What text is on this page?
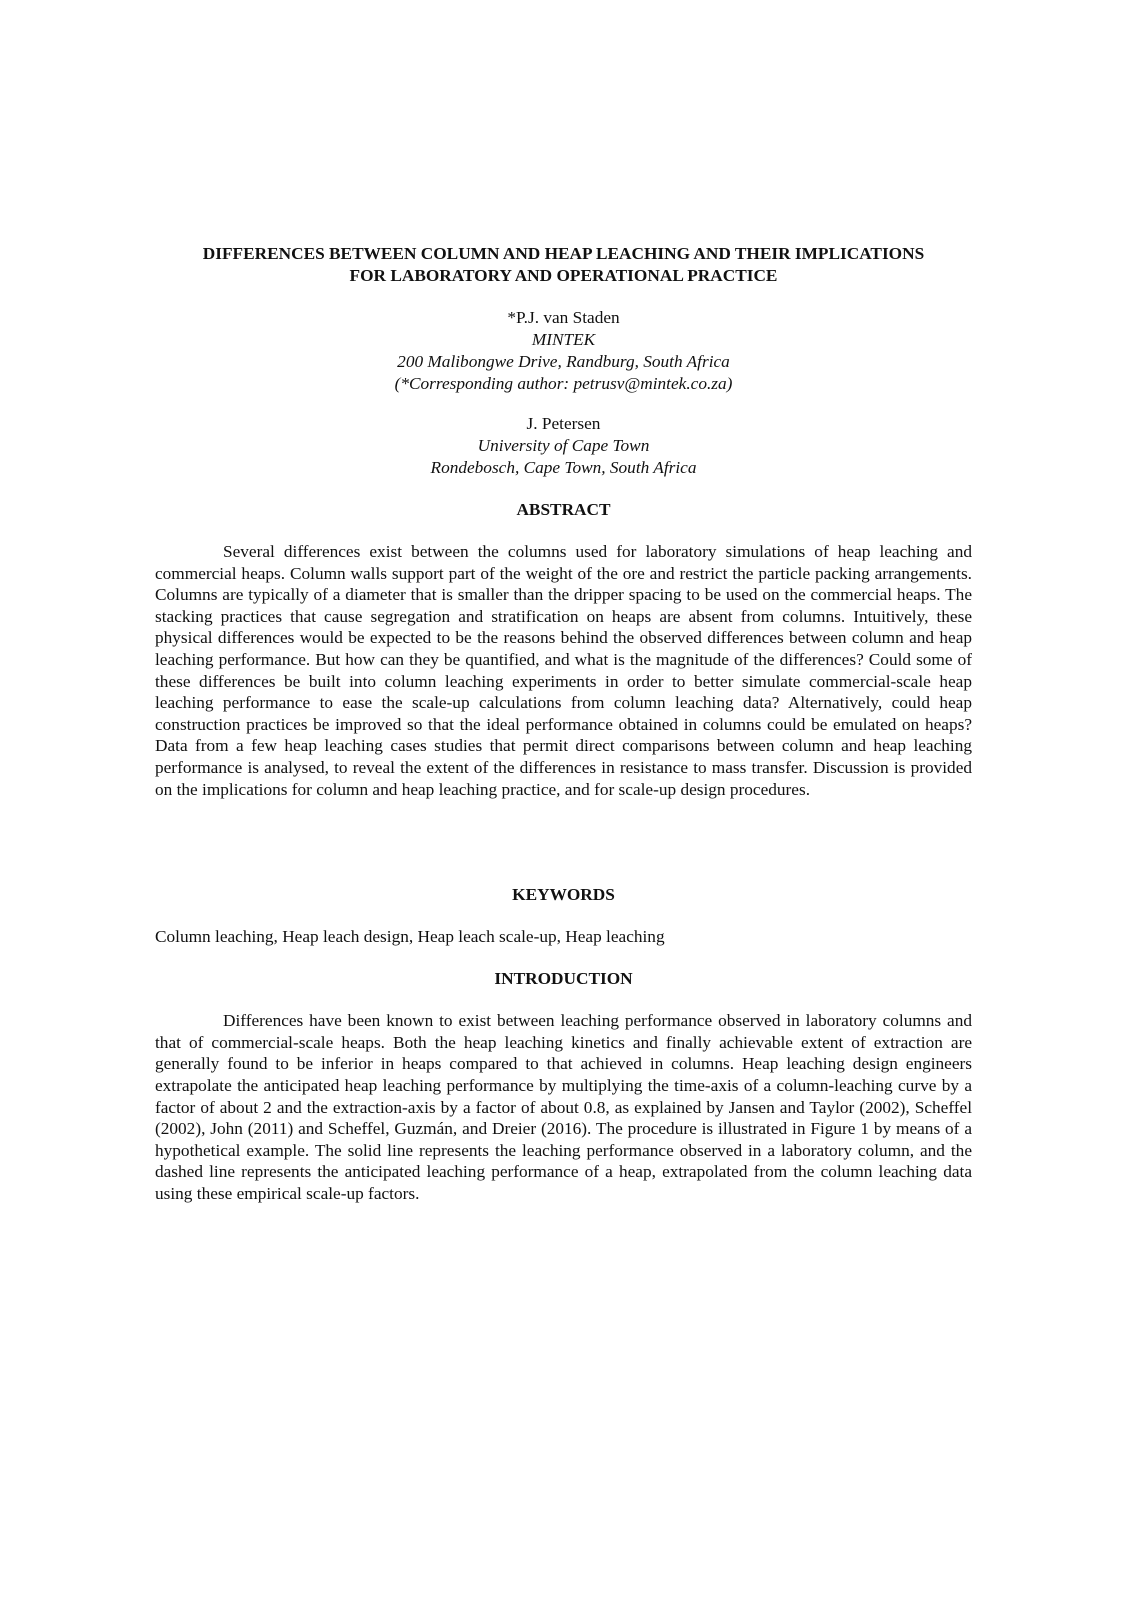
DIFFERENCES BETWEEN COLUMN AND HEAP LEACHING AND THEIR IMPLICATIONS
FOR LABORATORY AND OPERATIONAL PRACTICE
*P.J. van Staden
MINTEK
200 Malibongwe Drive, Randburg, South Africa
(*Corresponding author: petrusv@mintek.co.za)
J. Petersen
University of Cape Town
Rondebosch, Cape Town, South Africa
ABSTRACT

Several differences exist between the columns used for laboratory simulations of heap leaching and commercial heaps. Column walls support part of the weight of the ore and restrict the particle packing arrangements. Columns are typically of a diameter that is smaller than the dripper spacing to be used on the commercial heaps. The stacking practices that cause segregation and stratification on heaps are absent from columns. Intuitively, these physical differences would be expected to be the reasons behind the observed differences between column and heap leaching performance. But how can they be quantified, and what is the magnitude of the differences? Could some of these differences be built into column leaching experiments in order to better simulate commercial-scale heap leaching performance to ease the scale-up calculations from column leaching data? Alternatively, could heap construction practices be improved so that the ideal performance obtained in columns could be emulated on heaps? Data from a few heap leaching cases studies that permit direct comparisons between column and heap leaching performance is analysed, to reveal the extent of the differences in resistance to mass transfer. Discussion is provided on the implications for column and heap leaching practice, and for scale-up design procedures.

KEYWORDS

Column leaching, Heap leach design, Heap leach scale-up, Heap leaching

INTRODUCTION

Differences have been known to exist between leaching performance observed in laboratory columns and that of commercial-scale heaps. Both the heap leaching kinetics and finally achievable extent of extraction are generally found to be inferior in heaps compared to that achieved in columns. Heap leaching design engineers extrapolate the anticipated heap leaching performance by multiplying the time-axis of a column-leaching curve by a factor of about 2 and the extraction-axis by a factor of about 0.8, as explained by Jansen and Taylor (2002), Scheffel (2002), John (2011) and Scheffel, Guzmán, and Dreier (2016). The procedure is illustrated in Figure 1 by means of a hypothetical example. The solid line represents the leaching performance observed in a laboratory column, and the dashed line represents the anticipated leaching performance of a heap, extrapolated from the column leaching data using these empirical scale-up factors.
